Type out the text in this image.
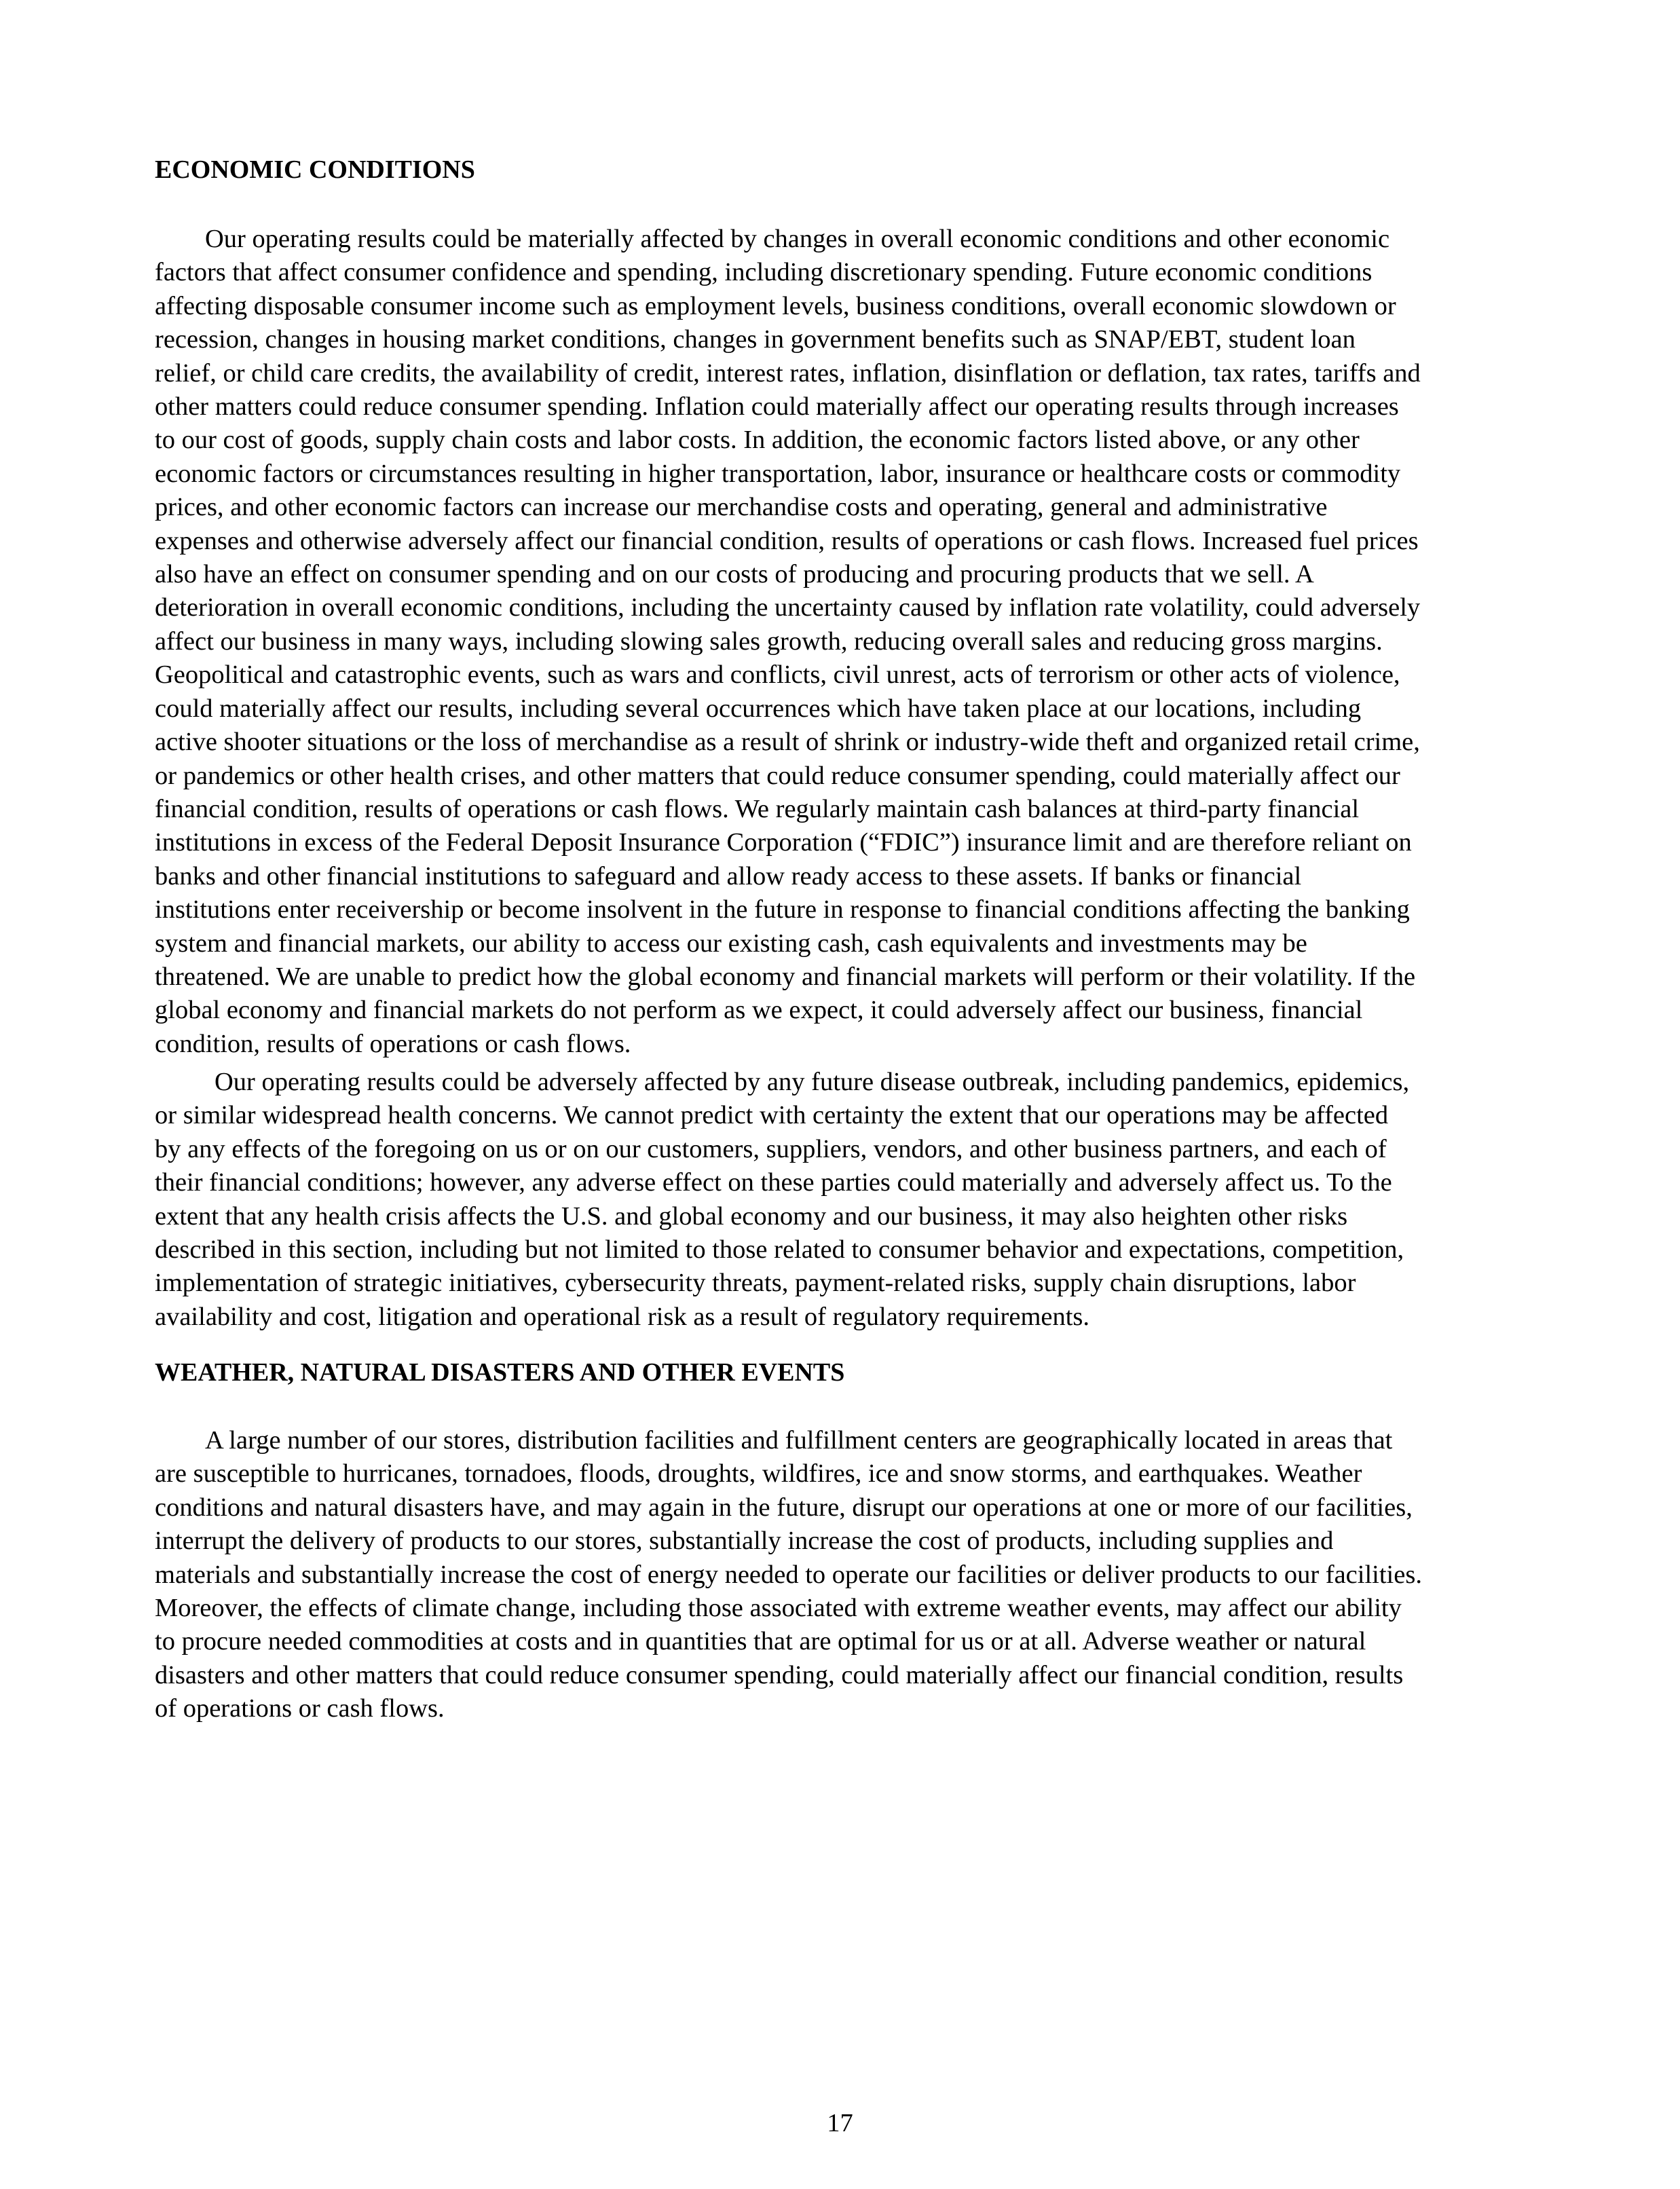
ECONOMIC CONDITIONS

Our operating results could be materially affected by changes in overall economic conditions and other economic
factors that affect consumer confidence and spending, including discretionary spending. Future economic conditions
affecting disposable consumer income such as employment levels, business conditions, overall economic slowdown or
recession, changes in housing market conditions, changes in government benefits such as SNAP/EBT, student loan
relief, or child care credits, the availability of credit, interest rates, inflation, disinflation or deflation, tax rates, tariffs and
other matters could reduce consumer spending. Inflation could materially affect our operating results through increases
to our cost of goods, supply chain costs and labor costs. In addition, the economic factors listed above, or any other
economic factors or circumstances resulting in higher transportation, labor, insurance or healthcare costs or commodity
prices, and other economic factors can increase our merchandise costs and operating, general and administrative
expenses and otherwise adversely affect our financial condition, results of operations or cash flows. Increased fuel prices
also have an effect on consumer spending and on our costs of producing and procuring products that we sell. A
deterioration in overall economic conditions, including the uncertainty caused by inflation rate volatility, could adversely
affect our business in many ways, including slowing sales growth, reducing overall sales and reducing gross margins.
Geopolitical and catastrophic events, such as wars and conflicts, civil unrest, acts of terrorism or other acts of violence,
could materially affect our results, including several occurrences which have taken place at our locations, including
active shooter situations or the loss of merchandise as a result of shrink or industry-wide theft and organized retail crime,
or pandemics or other health crises, and other matters that could reduce consumer spending, could materially affect our
financial condition, results of operations or cash flows. We regularly maintain cash balances at third-party financial
institutions in excess of the Federal Deposit Insurance Corporation (“FDIC”) insurance limit and are therefore reliant on
banks and other financial institutions to safeguard and allow ready access to these assets. If banks or financial
institutions enter receivership or become insolvent in the future in response to financial conditions affecting the banking
system and financial markets, our ability to access our existing cash, cash equivalents and investments may be
threatened. We are unable to predict how the global economy and financial markets will perform or their volatility. If the
global economy and financial markets do not perform as we expect, it could adversely affect our business, financial
condition, results of operations or cash flows.

Our operating results could be adversely affected by any future disease outbreak, including pandemics, epidemics,
or similar widespread health concerns. We cannot predict with certainty the extent that our operations may be affected
by any effects of the foregoing on us or on our customers, suppliers, vendors, and other business partners, and each of
their financial conditions; however, any adverse effect on these parties could materially and adversely affect us. To the
extent that any health crisis affects the U.S. and global economy and our business, it may also heighten other risks
described in this section, including but not limited to those related to consumer behavior and expectations, competition,
implementation of strategic initiatives, cybersecurity threats, payment-related risks, supply chain disruptions, labor
availability and cost, litigation and operational risk as a result of regulatory requirements.

WEATHER, NATURAL DISASTERS AND OTHER EVENTS

A large number of our stores, distribution facilities and fulfillment centers are geographically located in areas that
are susceptible to hurricanes, tornadoes, floods, droughts, wildfires, ice and snow storms, and earthquakes. Weather
conditions and natural disasters have, and may again in the future, disrupt our operations at one or more of our facilities,
interrupt the delivery of products to our stores, substantially increase the cost of products, including supplies and
materials and substantially increase the cost of energy needed to operate our facilities or deliver products to our facilities.
Moreover, the effects of climate change, including those associated with extreme weather events, may affect our ability
to procure needed commodities at costs and in quantities that are optimal for us or at all. Adverse weather or natural
disasters and other matters that could reduce consumer spending, could materially affect our financial condition, results
of operations or cash flows.

17
